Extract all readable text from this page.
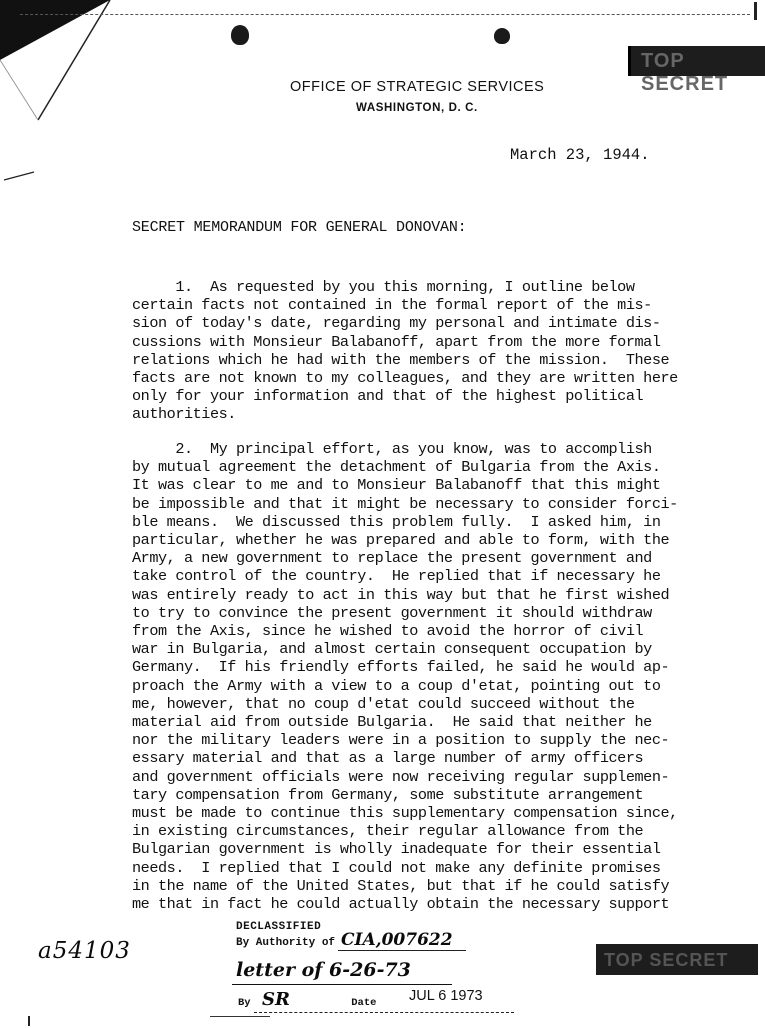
TOP SECRET
OFFICE OF STRATEGIC SERVICES
WASHINGTON, D. C.
March 23, 1944.
SECRET MEMORANDUM FOR GENERAL DONOVAN:
1.  As requested by you this morning, I outline below
certain facts not contained in the formal report of the mis-
sion of today's date, regarding my personal and intimate dis-
cussions with Monsieur Balabanoff, apart from the more formal
relations which he had with the members of the mission.  These
facts are not known to my colleagues, and they are written here
only for your information and that of the highest political
authorities.
2.  My principal effort, as you know, was to accomplish
by mutual agreement the detachment of Bulgaria from the Axis.
It was clear to me and to Monsieur Balabanoff that this might
be impossible and that it might be necessary to consider forci-
ble means.  We discussed this problem fully.  I asked him, in
particular, whether he was prepared and able to form, with the
Army, a new government to replace the present government and
take control of the country.  He replied that if necessary he
was entirely ready to act in this way but that he first wished
to try to convince the present government it should withdraw
from the Axis, since he wished to avoid the horror of civil
war in Bulgaria, and almost certain consequent occupation by
Germany.  If his friendly efforts failed, he said he would ap-
proach the Army with a view to a coup d'etat, pointing out to
me, however, that no coup d'etat could succeed without the
material aid from outside Bulgaria.  He said that neither he
nor the military leaders were in a position to supply the nec-
essary material and that as a large number of army officers
and government officials were now receiving regular supplemen-
tary compensation from Germany, some substitute arrangement
must be made to continue this supplementary compensation since,
in existing circumstances, their regular allowance from the
Bulgarian government is wholly inadequate for their essential
needs.  I replied that I could not make any definite promises
in the name of the United States, but that if he could satisfy
me that in fact he could actually obtain the necessary support
DECLASSIFIED
By Authority of CIA,007622
letter of 6-26-73
a54103
By	Date
SR	JUL 6 1973
TOP SECRET
